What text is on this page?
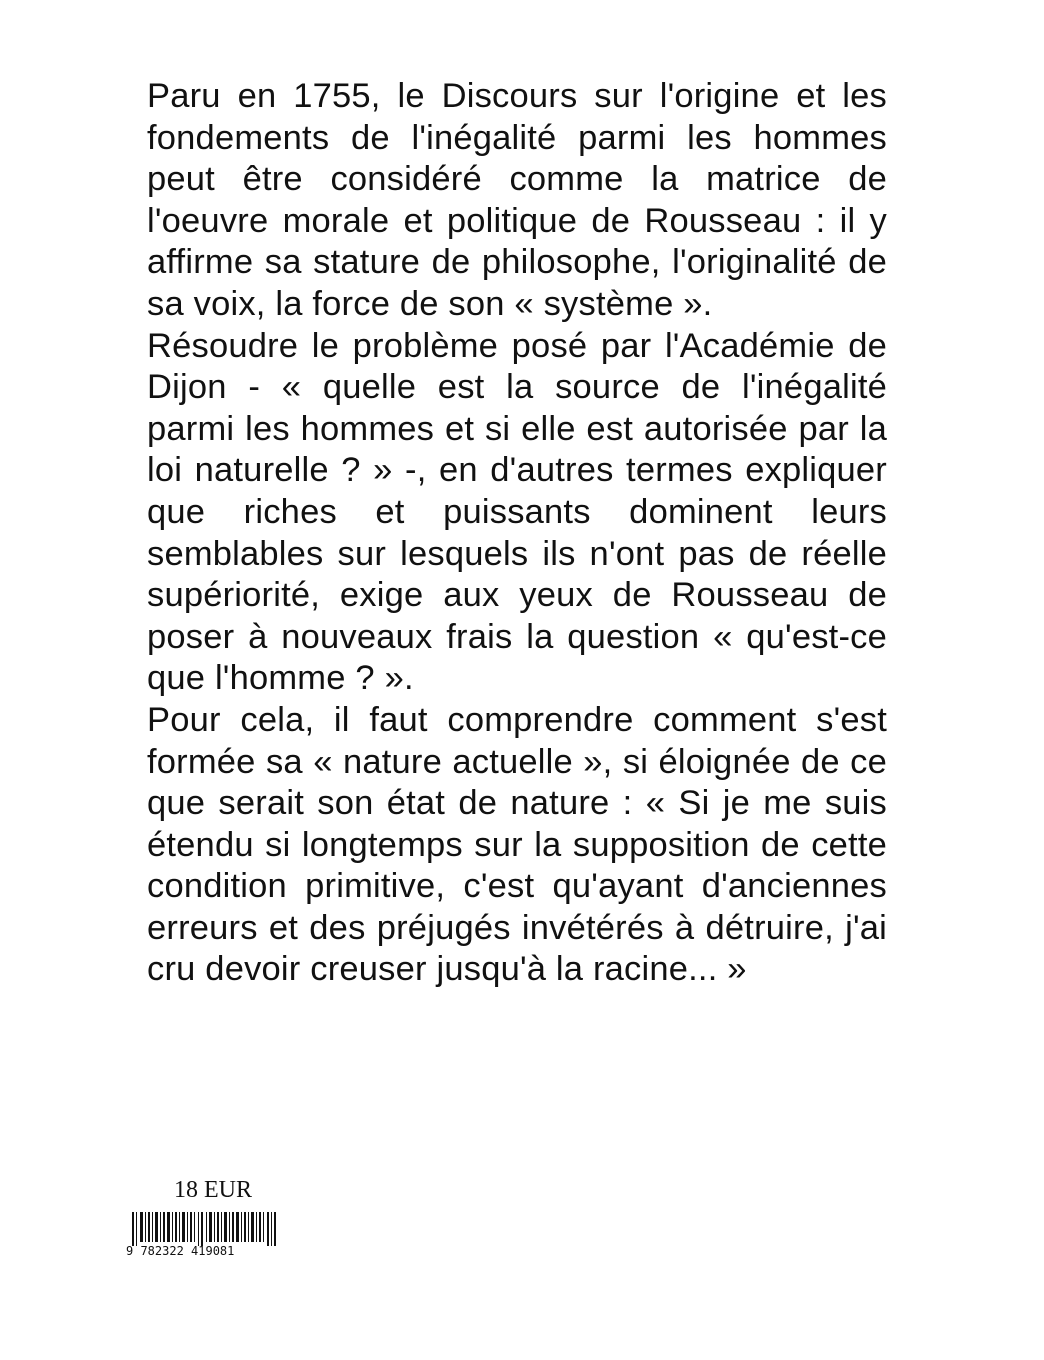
Paru en 1755, le Discours sur l'origine et les fondements de l'inégalité parmi les hommes peut être considéré comme la matrice de l'oeuvre morale et politique de Rousseau : il y affirme sa stature de philosophe, l'originalité de sa voix, la force de son « système ».

Résoudre le problème posé par l'Académie de Dijon - « quelle est la source de l'inégalité parmi les hommes et si elle est autorisée par la loi naturelle ? » -, en d'autres termes expliquer que riches et puissants dominent leurs semblables sur lesquels ils n'ont pas de réelle supériorité, exige aux yeux de Rousseau de poser à nouveaux frais la question « qu'est-ce que l'homme ? ».

Pour cela, il faut comprendre comment s'est formée sa « nature actuelle », si éloignée de ce que serait son état de nature : « Si je me suis étendu si longtemps sur la supposition de cette condition primitive, c'est qu'ayant d'anciennes erreurs et des préjugés invétérés à détruire, j'ai cru devoir creuser jusqu'à la racine... »

18 EUR
9 782322 419081
